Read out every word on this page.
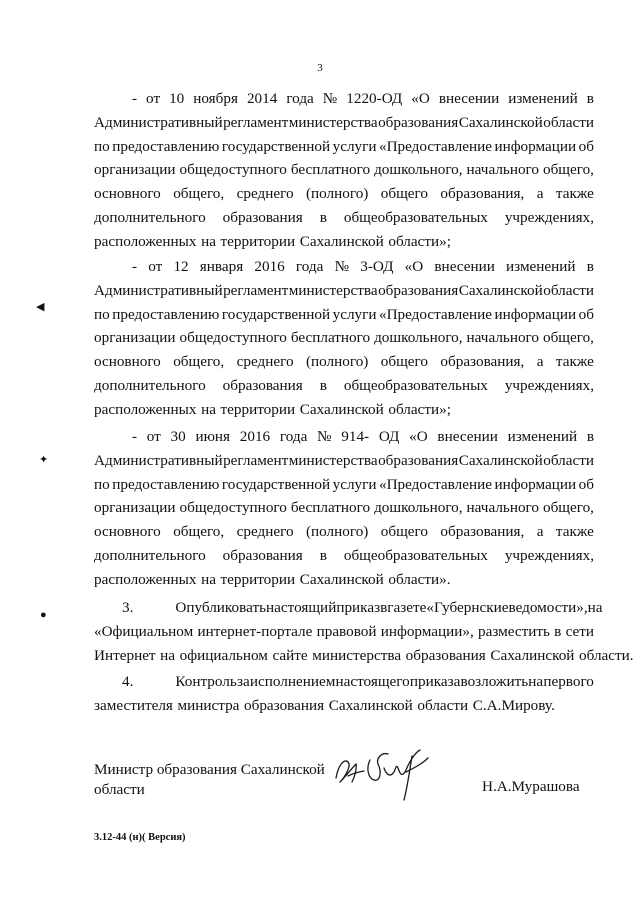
3
- от 10 ноября 2014 года № 1220-ОД «О внесении изменений в
Административный регламент министерства образования Сахалинской области
по предоставлению государственной услуги «Предоставление информации об
организации общедоступного бесплатного дошкольного, начального общего,
основного общего, среднего (полного) общего образования, а также
дополнительного образования в общеобразовательных учреждениях,
расположенных на территории Сахалинской области»;
- от 12 января 2016 года № 3-ОД «О внесении изменений в
Административный регламент министерства образования Сахалинской области
по предоставлению государственной услуги «Предоставление информации об
организации общедоступного бесплатного дошкольного, начального общего,
основного общего, среднего (полного) общего образования, а также
дополнительного образования в общеобразовательных учреждениях,
расположенных на территории Сахалинской области»;
- от 30 июня 2016 года № 914- ОД «О внесении изменений в
Административный регламент министерства образования Сахалинской области
по предоставлению государственной услуги «Предоставление информации об
организации общедоступного бесплатного дошкольного, начального общего,
основного общего, среднего (полного) общего образования, а также
дополнительного образования в общеобразовательных учреждениях,
расположенных на территории Сахалинской области».
3.	Опубликовать настоящий приказ в газете «Губернские ведомости», на
«Официальном интернет-портале правовой информации», разместить в сети
Интернет на официальном сайте министерства образования Сахалинской области.
4.	Контроль за исполнением настоящего приказа возложить на первого
заместителя министра образования Сахалинской области С.А.Мирову.
Министр образования Сахалинской
области	Н.А.Мурашова
3.12-44 (н)( Версия)
◀
✦
●
